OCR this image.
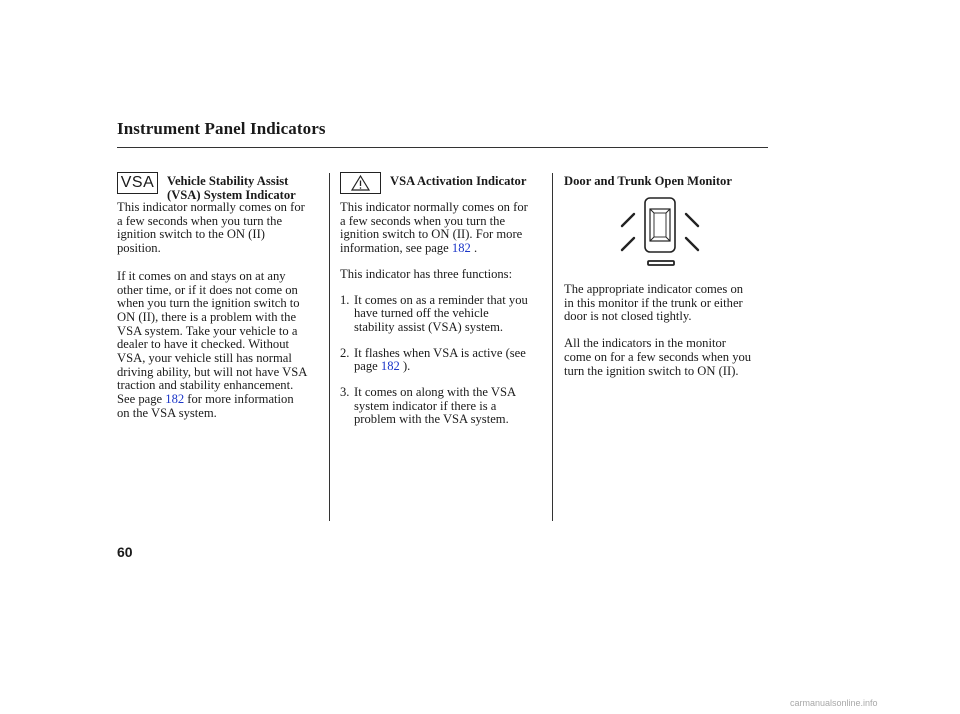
Instrument Panel Indicators
VSA Vehicle Stability Assist
(VSA) System Indicator
This indicator normally comes on for
a few seconds when you turn the
ignition switch to the ON (II)
position.
If it comes on and stays on at any
other time, or if it does not come on
when you turn the ignition switch to
ON (II), there is a problem with the
VSA system. Take your vehicle to a
dealer to have it checked. Without
VSA, your vehicle still has normal
driving ability, but will not have VSA
traction and stability enhancement.
See page 182 for more information
on the VSA system.
VSA Activation Indicator
This indicator normally comes on for
a few seconds when you turn the
ignition switch to ON (II). For more
information, see page 182 .
This indicator has three functions:
1. It comes on as a reminder that you
have turned off the vehicle
stability assist (VSA) system.
2. It flashes when VSA is active (see
page 182 ).
3. It comes on along with the VSA
system indicator if there is a
problem with the VSA system.
Door and Trunk Open Monitor
The appropriate indicator comes on
in this monitor if the trunk or either
door is not closed tightly.
All the indicators in the monitor
come on for a few seconds when you
turn the ignition switch to ON (II).
60
carmanualsonline.info
